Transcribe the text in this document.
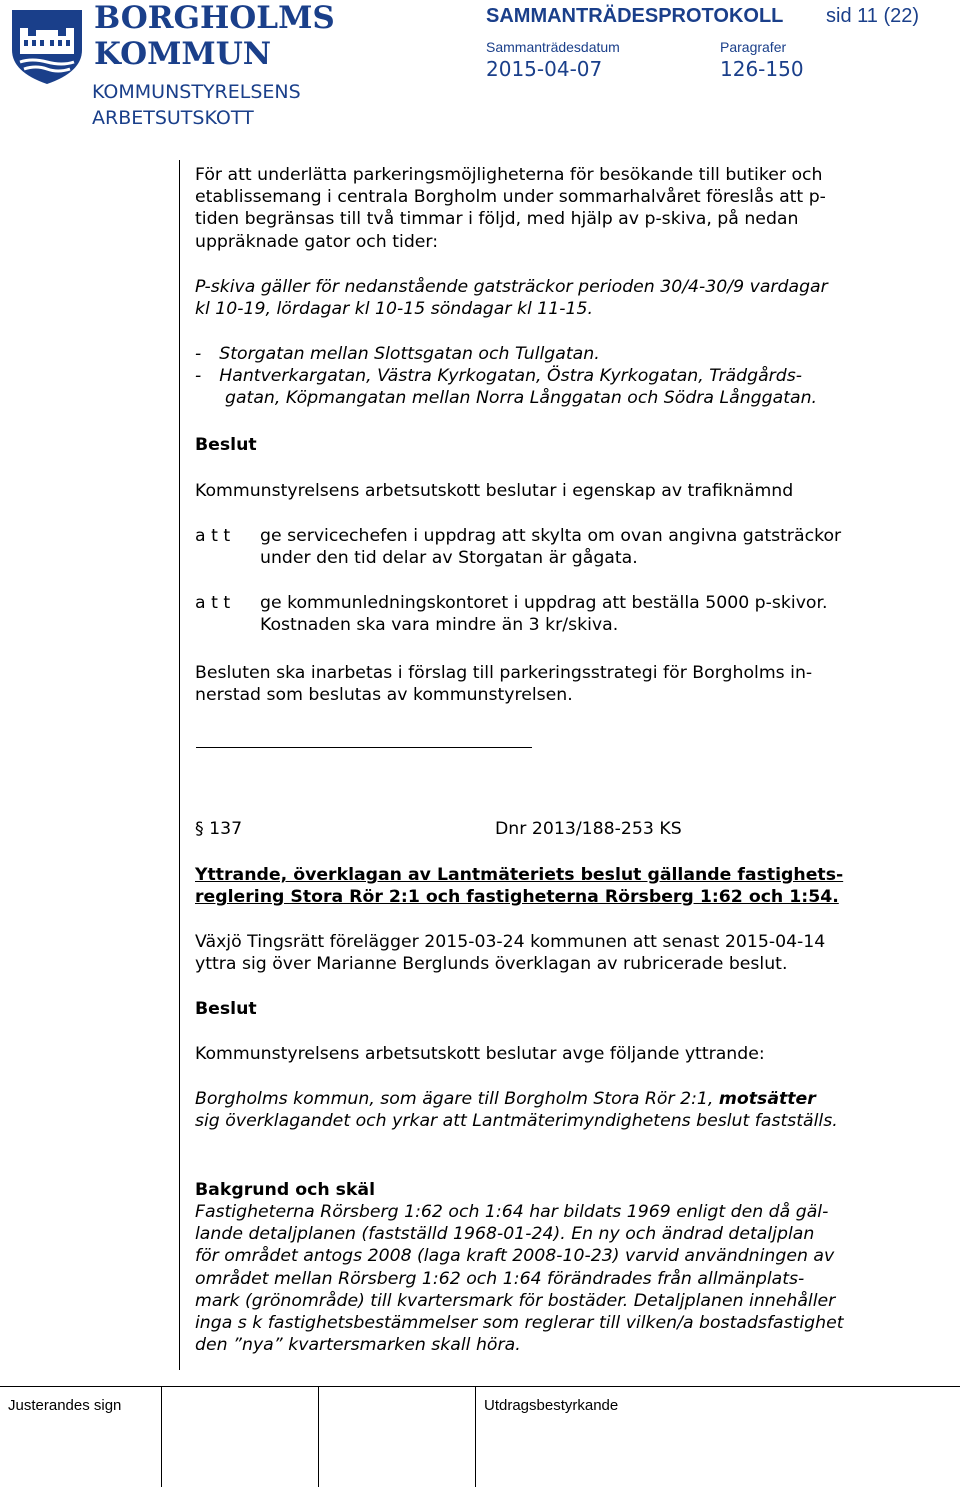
BORGHOLMS
KOMMUN
KOMMUNSTYRELSENS
ARBETSUTSKOTT
SAMMANTRÄDESPROTOKOLL sid 11 (22)
Sammanträdesdatum	Paragrafer
2015-04-07	126-150
För att underlätta parkeringsmöjligheterna för besökande till butiker och
etablissemang i centrala Borgholm under sommarhalvåret föreslås att p-
tiden begränsas till två timmar i följd, med hjälp av p-skiva, på nedan
uppräknade gator och tider:
P-skiva gäller för nedanstående gatsträckor perioden 30/4-30/9 vardagar
kl 10-19, lördagar kl 10-15 söndagar kl 11-15.
- Storgatan mellan Slottsgatan och Tullgatan.
- Hantverkargatan, Västra Kyrkogatan, Östra Kyrkogatan, Trädgårds-
gatan, Köpmangatan mellan Norra Långgatan och Södra Långgatan.
Beslut
Kommunstyrelsens arbetsutskott beslutar i egenskap av trafiknämnd
a t t ge servicechefen i uppdrag att skylta om ovan angivna gatsträckor
under den tid delar av Storgatan är gågata.
a t t ge kommunledningskontoret i uppdrag att beställa 5000 p-skivor.
Kostnaden ska vara mindre än 3 kr/skiva.
Besluten ska inarbetas i förslag till parkeringsstrategi för Borgholms in-
nerstad som beslutas av kommunstyrelsen.
§ 137	Dnr 2013/188-253 KS
Yttrande, överklagan av Lantmäteriets beslut gällande fastighets-
reglering Stora Rör 2:1 och fastigheterna Rörsberg 1:62 och 1:54.
Växjö Tingsrätt förelägger 2015-03-24 kommunen att senast 2015-04-14
yttra sig över Marianne Berglunds överklagan av rubricerade beslut.
Beslut
Kommunstyrelsens arbetsutskott beslutar avge följande yttrande:
Borgholms kommun, som ägare till Borgholm Stora Rör 2:1, motsätter
sig överklagandet och yrkar att Lantmäterimyndighetens beslut fastställs.
Bakgrund och skäl
Fastigheterna Rörsberg 1:62 och 1:64 har bildats 1969 enligt den då gäl-
lande detaljplanen (fastställd 1968-01-24). En ny och ändrad detaljplan
för området antogs 2008 (laga kraft 2008-10-23) varvid användningen av
området mellan Rörsberg 1:62 och 1:64 förändrades från allmänplats-
mark (grönområde) till kvartersmark för bostäder. Detaljplanen innehåller
inga s k fastighetsbestämmelser som reglerar till vilken/a bostadsfastighet
den ”nya” kvartersmarken skall höra.
Justerandes sign	Utdragsbestyrkande
